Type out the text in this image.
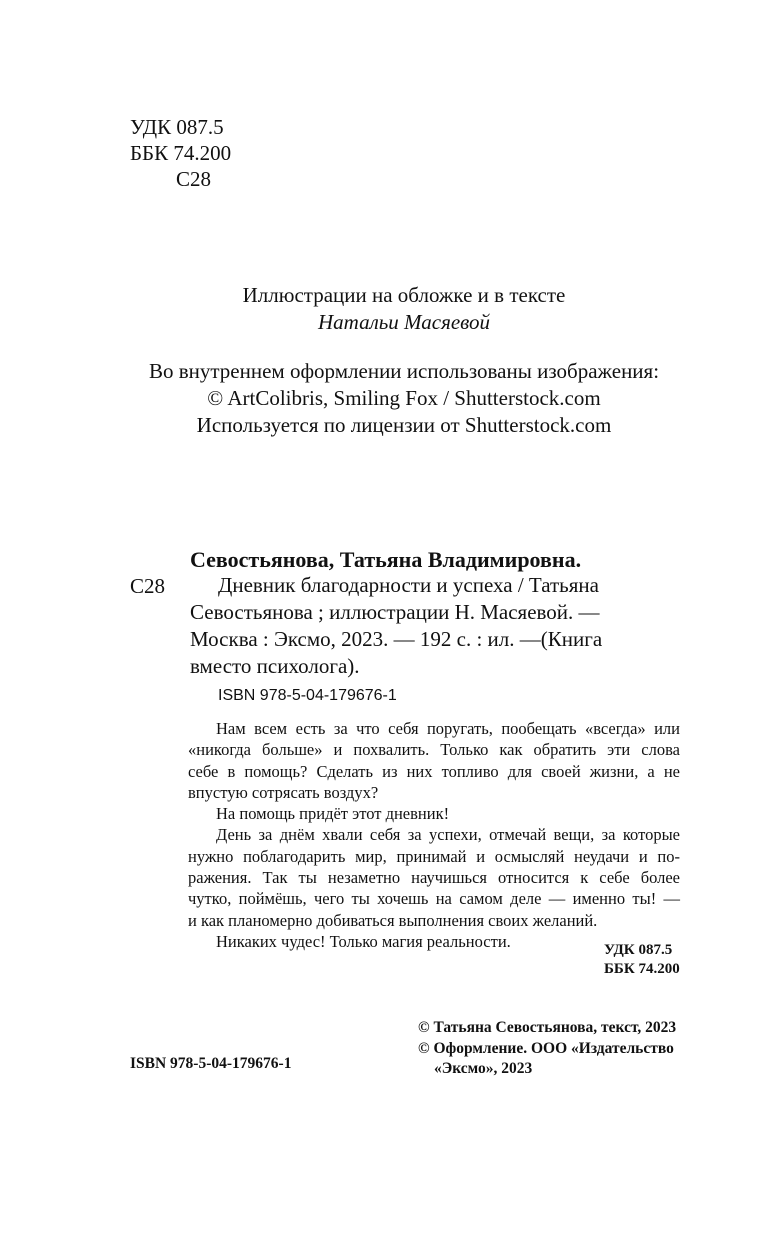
УДК 087.5
ББК 74.200
С28
Иллюстрации на обложке и в тексте
Натальи Масяевой
Во внутреннем оформлении использованы изображения:
© ArtColibris, Smiling Fox / Shutterstock.com
Используется по лицензии от Shutterstock.com
Севостьянова, Татьяна Владимировна.
С28	Дневник благодарности и успеха / Татьяна
Севостьянова ; иллюстрации Н. Масяевой. —
Москва : Эксмо, 2023. — 192 с. : ил. —(Книга
вместо психолога).
ISBN 978-5-04-179676-1

Нам всем есть за что себя поругать, пообещать «всегда» или

«никогда больше» и похвалить. Только как обратить эти слова

себе в помощь? Сделать из них топливо для своей жизни, а не

впустую сотрясать воздух?

На помощь придёт этот дневник!

День за днём хвали себя за успехи, отмечай вещи, за которые

нужно поблагодарить мир, принимай и осмысляй неудачи и по-

ражения. Так ты незаметно научишься относится к себе более

чутко, поймёшь, чего ты хочешь на самом деле — именно ты! —

и как планомерно добиваться выполнения своих желаний.

Никаких чудес! Только магия реальности.	УДК 087.5
ББК 74.200
© Татьяна Севостьянова, текст, 2023
© Оформление. ООО «Издательство
«Эксмо», 2023
ISBN 978-5-04-179676-1
